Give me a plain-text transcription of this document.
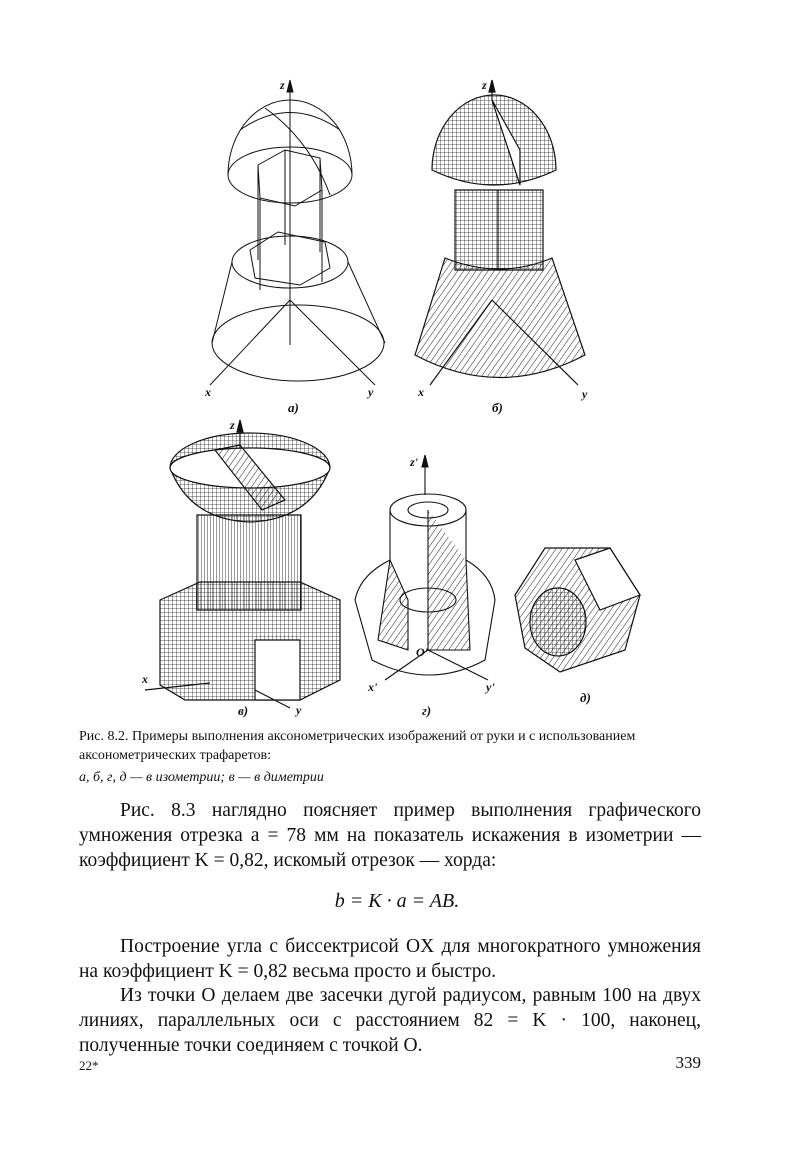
z
x	y
а)
z
x	y
б)
z
x
y
в)
z'
O'
x'	y'
г)
д)
Рис. 8.2. Примеры выполнения аксонометрических изображений от руки и с использованием аксонометрических трафаретов:
а, б, г, д — в изометрии; в — в диметрии
Рис. 8.3 наглядно поясняет пример выполнения графического умножения отрезка a = 78 мм на показатель искажения в изометрии — коэффициент K = 0,82, искомый отрезок — хорда:
b = K · a = AB.
Построение угла с биссектрисой OX для многократного умножения на коэффициент K = 0,82 весьма просто и быстро.
Из точки O делаем две засечки дугой радиусом, равным 100 на двух линиях, параллельных оси с расстоянием 82 = K · 100, наконец, полученные точки соединяем с точкой O.
22*	339
